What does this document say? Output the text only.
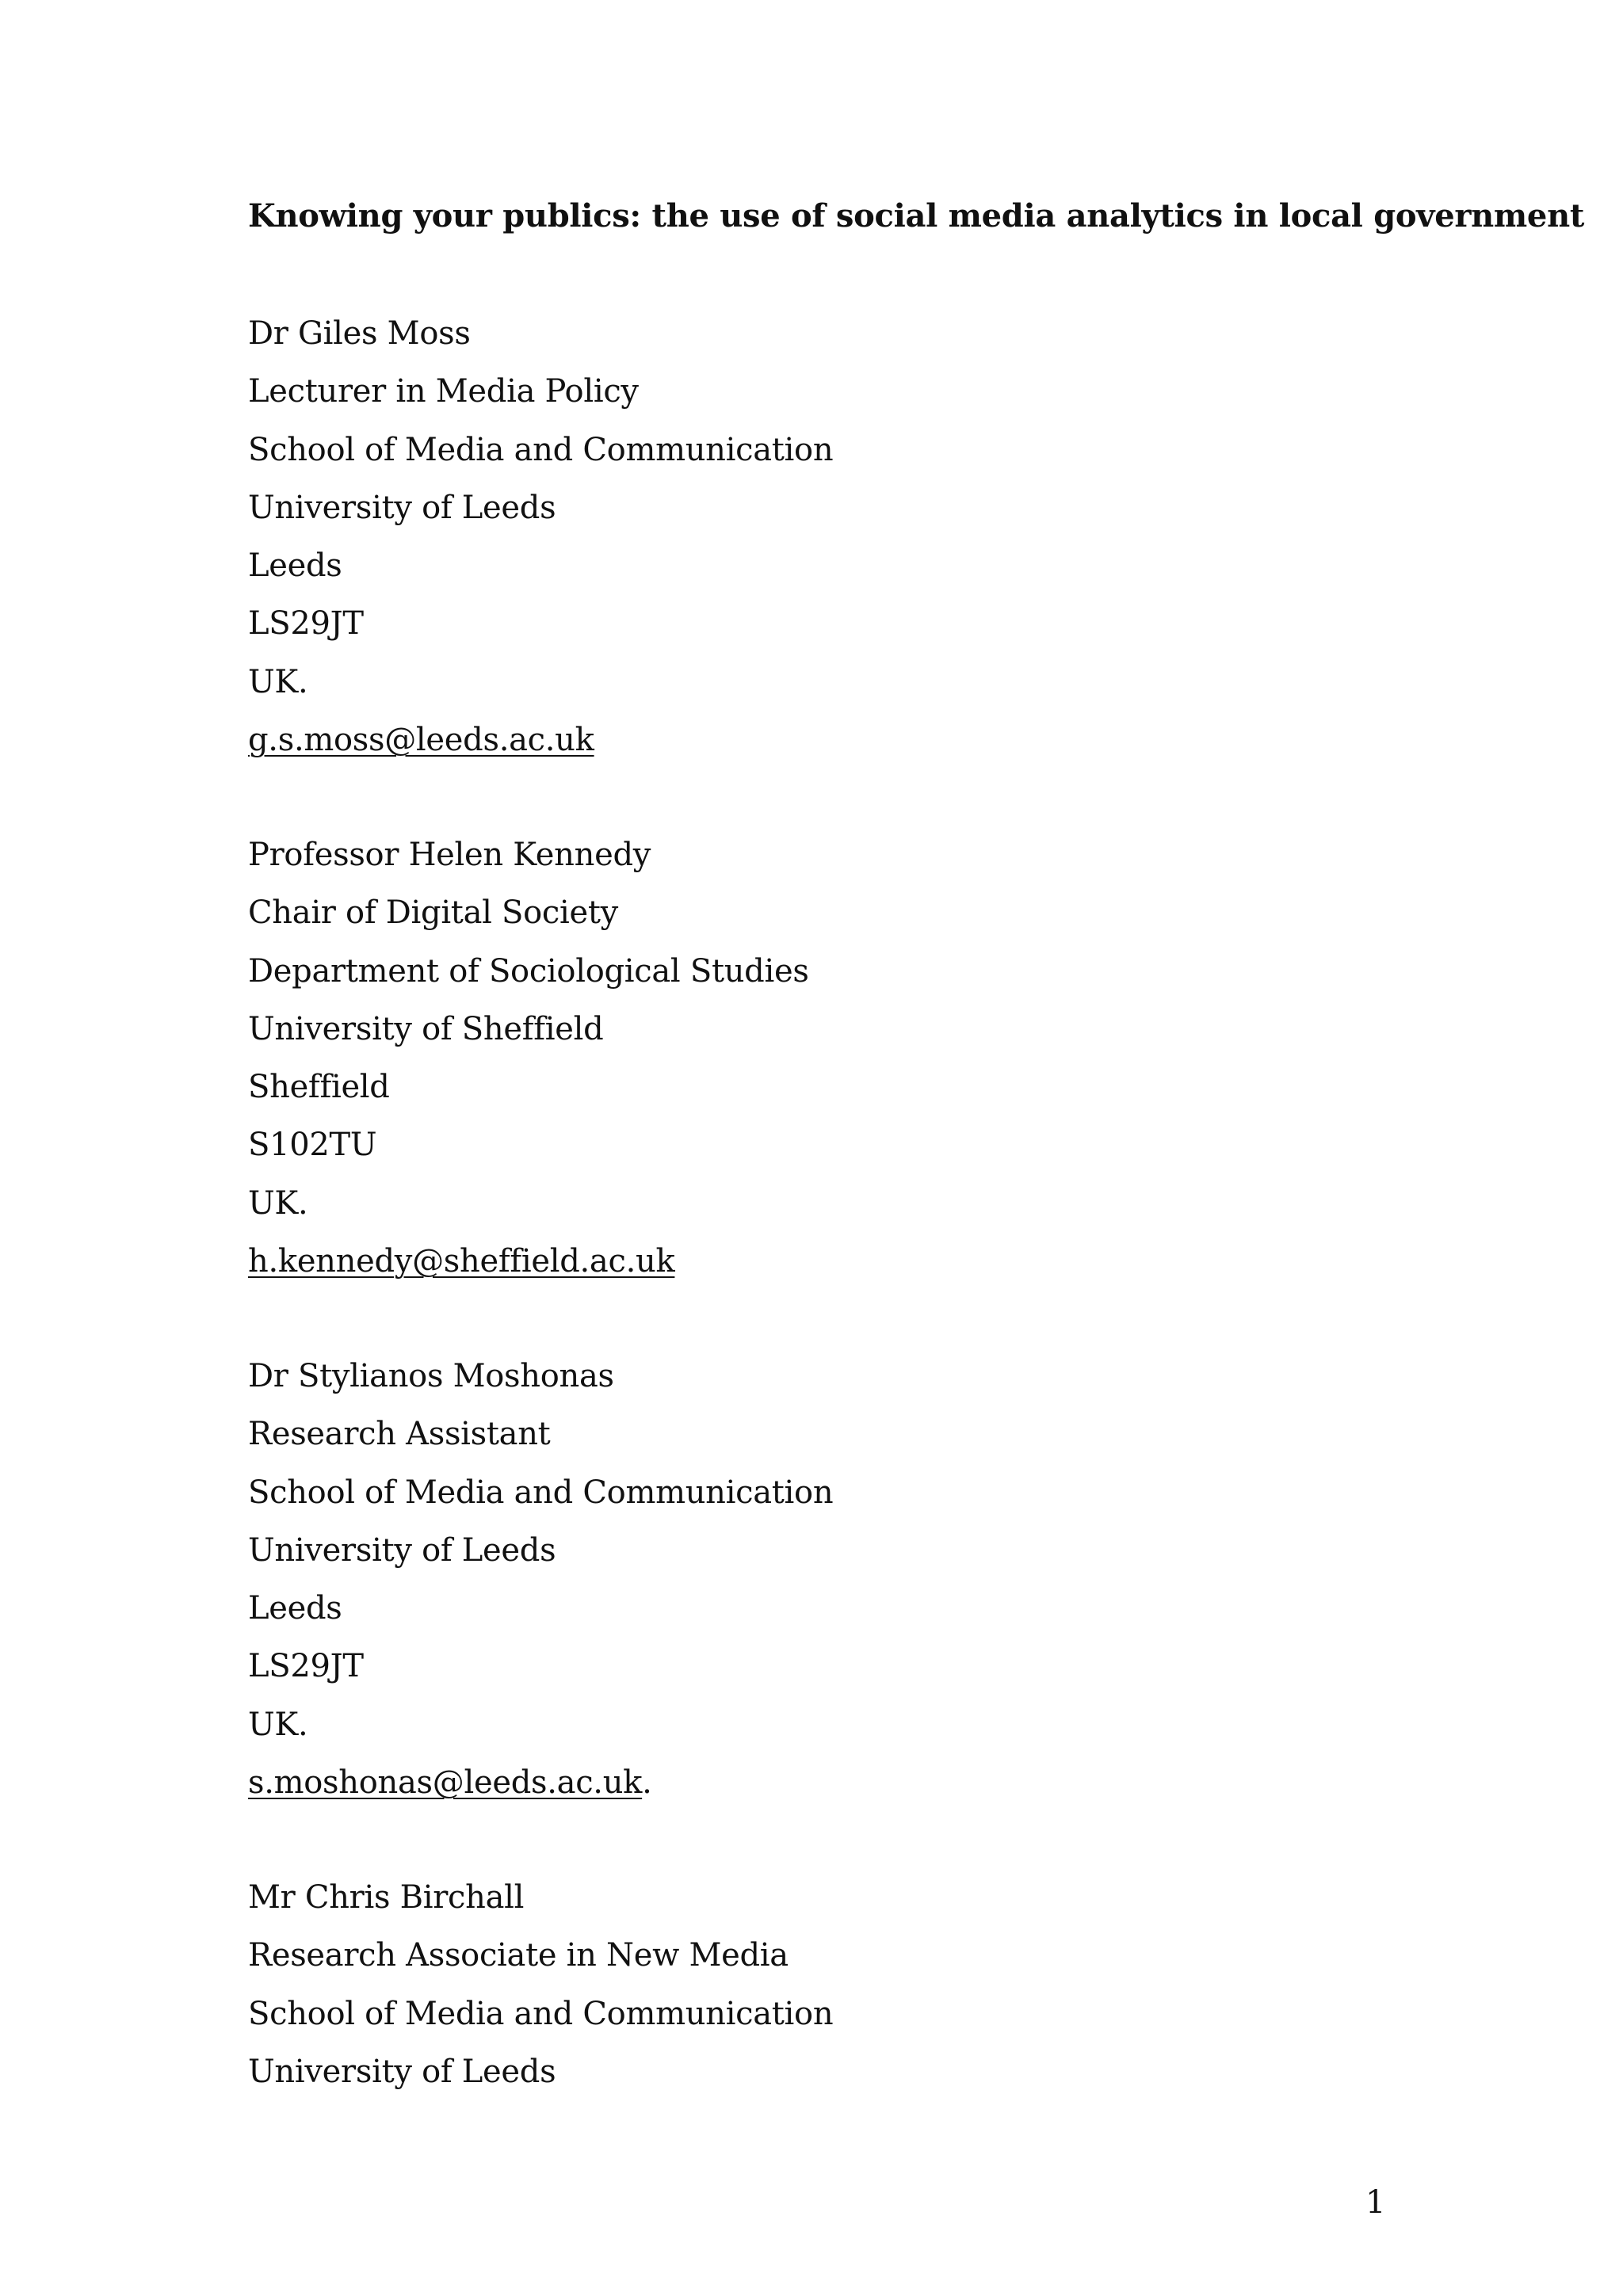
Knowing your publics: the use of social media analytics in local government
Dr Giles Moss
Lecturer in Media Policy
School of Media and Communication
University of Leeds
Leeds
LS29JT
UK.
g.s.moss@leeds.ac.uk
Professor Helen Kennedy
Chair of Digital Society
Department of Sociological Studies
University of Sheffield
Sheffield
S102TU
UK.
h.kennedy@sheffield.ac.uk
Dr Stylianos Moshonas
Research Assistant
School of Media and Communication
University of Leeds
Leeds
LS29JT
UK.
s.moshonas@leeds.ac.uk.
Mr Chris Birchall
Research Associate in New Media
School of Media and Communication
University of Leeds

1
